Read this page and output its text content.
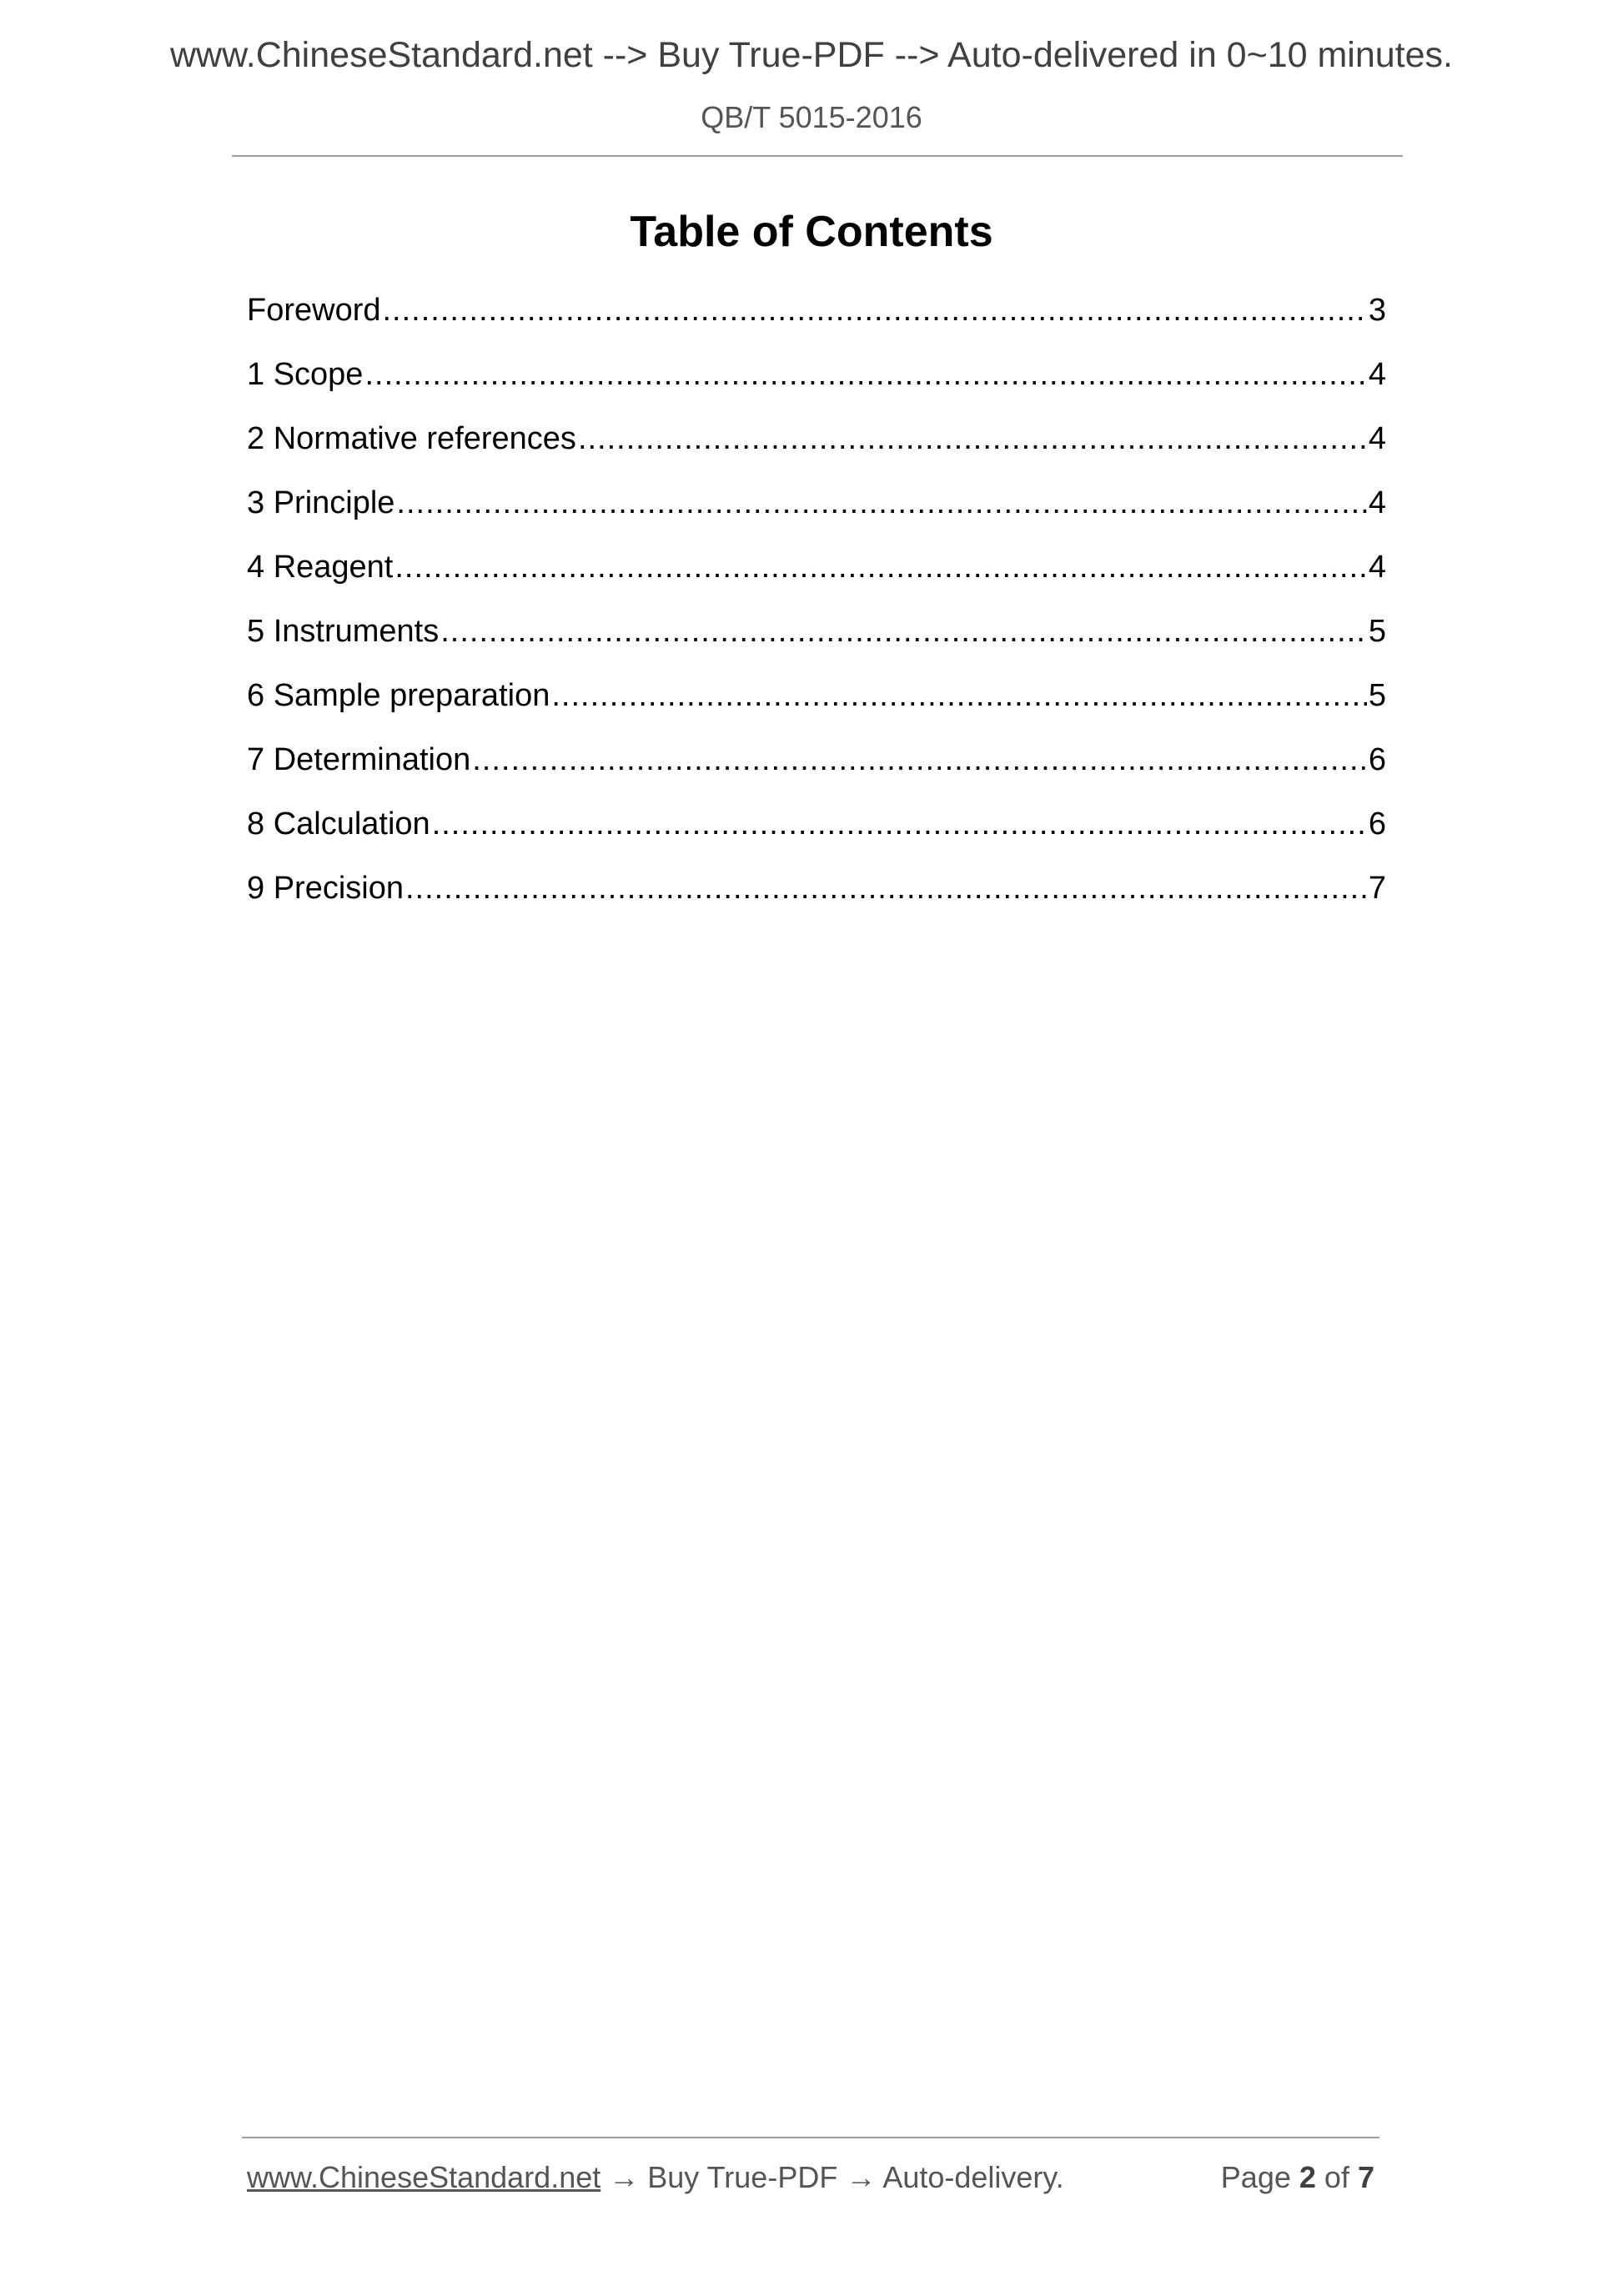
www.ChineseStandard.net --> Buy True-PDF --> Auto-delivered in 0~10 minutes.
QB/T 5015-2016
Table of Contents
Foreword .....	3
1 Scope .....	4
2 Normative references .....	4
3 Principle .....	4
4 Reagent .....	4
5 Instruments .....	5
6 Sample preparation .....	5
7 Determination .....	6
8 Calculation .....	6
9 Precision .....	7
www.ChineseStandard.net → Buy True-PDF → Auto-delivery.	Page 2 of 7
